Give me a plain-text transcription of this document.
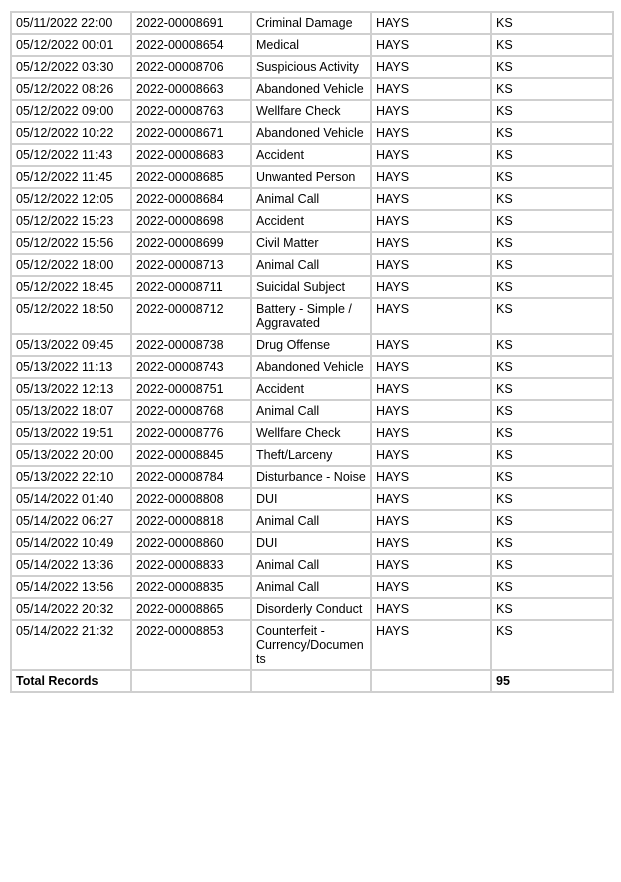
05/11/2022 22:00	2022-00008691	Criminal Damage	HAYS	KS
05/12/2022 00:01	2022-00008654	Medical	HAYS	KS
05/12/2022 03:30	2022-00008706	Suspicious Activity	HAYS	KS
05/12/2022 08:26	2022-00008663	Abandoned Vehicle	HAYS	KS
05/12/2022 09:00	2022-00008763	Wellfare Check	HAYS	KS
05/12/2022 10:22	2022-00008671	Abandoned Vehicle	HAYS	KS
05/12/2022 11:43	2022-00008683	Accident	HAYS	KS
05/12/2022 11:45	2022-00008685	Unwanted Person	HAYS	KS
05/12/2022 12:05	2022-00008684	Animal Call	HAYS	KS
05/12/2022 15:23	2022-00008698	Accident	HAYS	KS
05/12/2022 15:56	2022-00008699	Civil Matter	HAYS	KS
05/12/2022 18:00	2022-00008713	Animal Call	HAYS	KS
05/12/2022 18:45	2022-00008711	Suicidal Subject	HAYS	KS
05/12/2022 18:50	2022-00008712	Battery - Simple / Aggravated	HAYS	KS
05/13/2022 09:45	2022-00008738	Drug Offense	HAYS	KS
05/13/2022 11:13	2022-00008743	Abandoned Vehicle	HAYS	KS
05/13/2022 12:13	2022-00008751	Accident	HAYS	KS
05/13/2022 18:07	2022-00008768	Animal Call	HAYS	KS
05/13/2022 19:51	2022-00008776	Wellfare Check	HAYS	KS
05/13/2022 20:00	2022-00008845	Theft/Larceny	HAYS	KS
05/13/2022 22:10	2022-00008784	Disturbance - Noise	HAYS	KS
05/14/2022 01:40	2022-00008808	DUI	HAYS	KS
05/14/2022 06:27	2022-00008818	Animal Call	HAYS	KS
05/14/2022 10:49	2022-00008860	DUI	HAYS	KS
05/14/2022 13:36	2022-00008833	Animal Call	HAYS	KS
05/14/2022 13:56	2022-00008835	Animal Call	HAYS	KS
05/14/2022 20:32	2022-00008865	Disorderly Conduct	HAYS	KS
05/14/2022 21:32	2022-00008853	Counterfeit - Currency/Documents	HAYS	KS
Total Records				95
